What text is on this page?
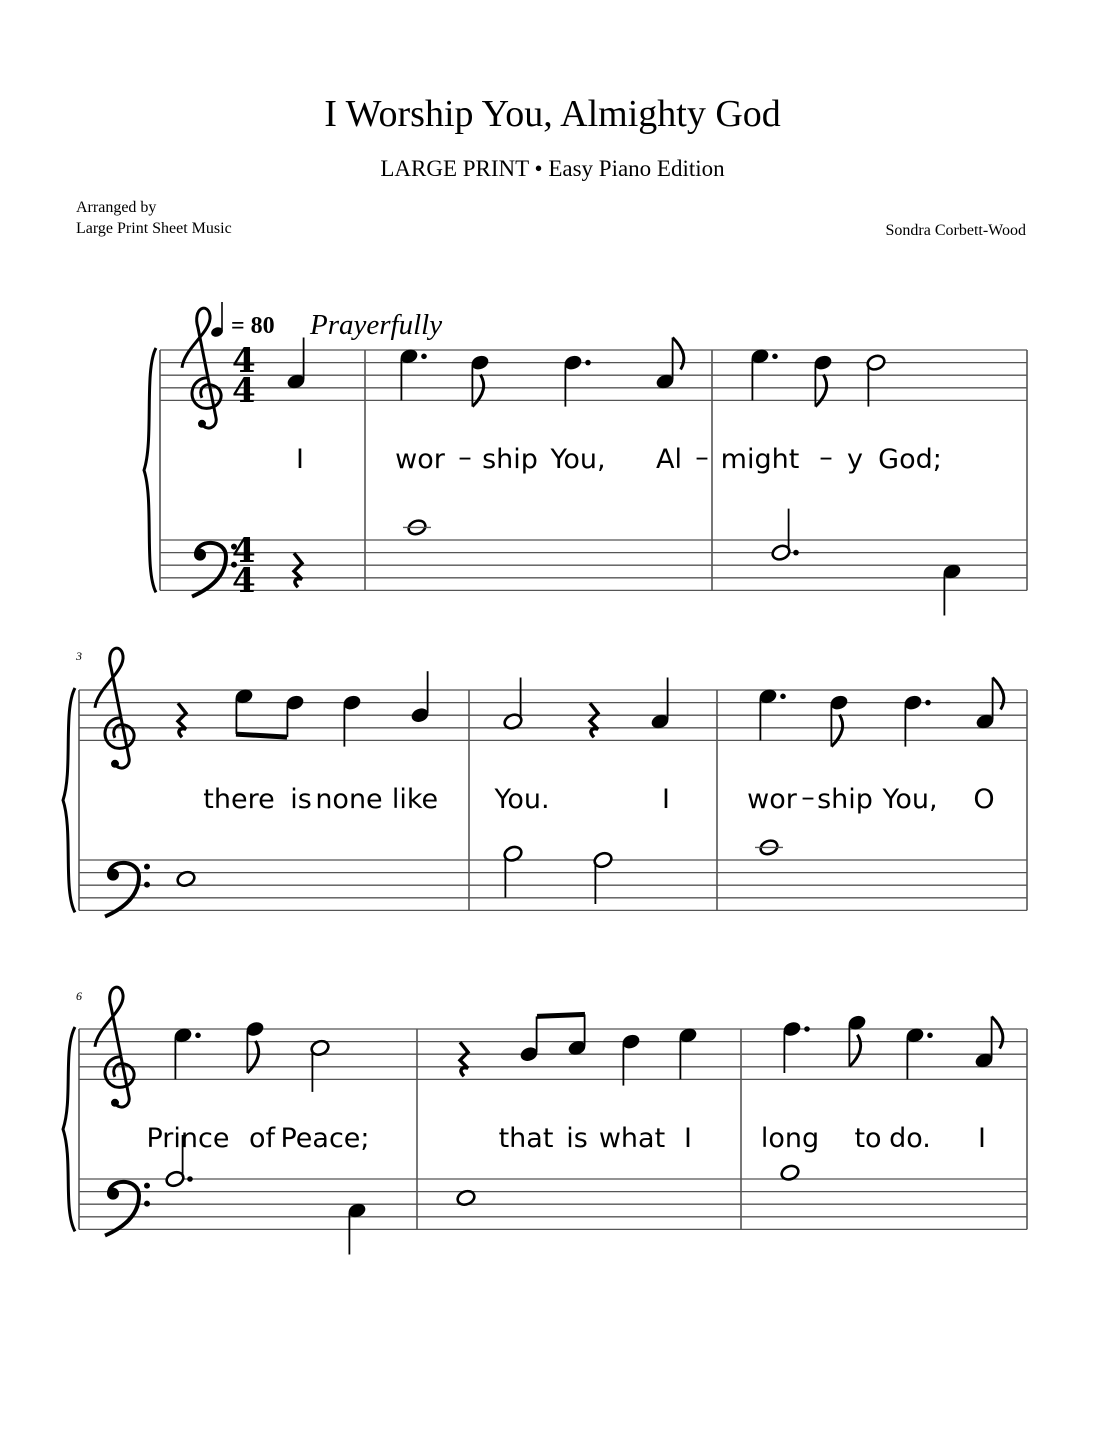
I Worship You, Almighty God
LARGE PRINT • Easy Piano Edition
Arranged by
Large Print Sheet Music	Sondra Corbett-Wood
= 80 Prayerfully
3
6
4
4
4
4
I	wor – ship You, Al – might – y God;
there is none like You.	I	wor – ship You, O
Prince of Peace;	that is what I	long to do. I
